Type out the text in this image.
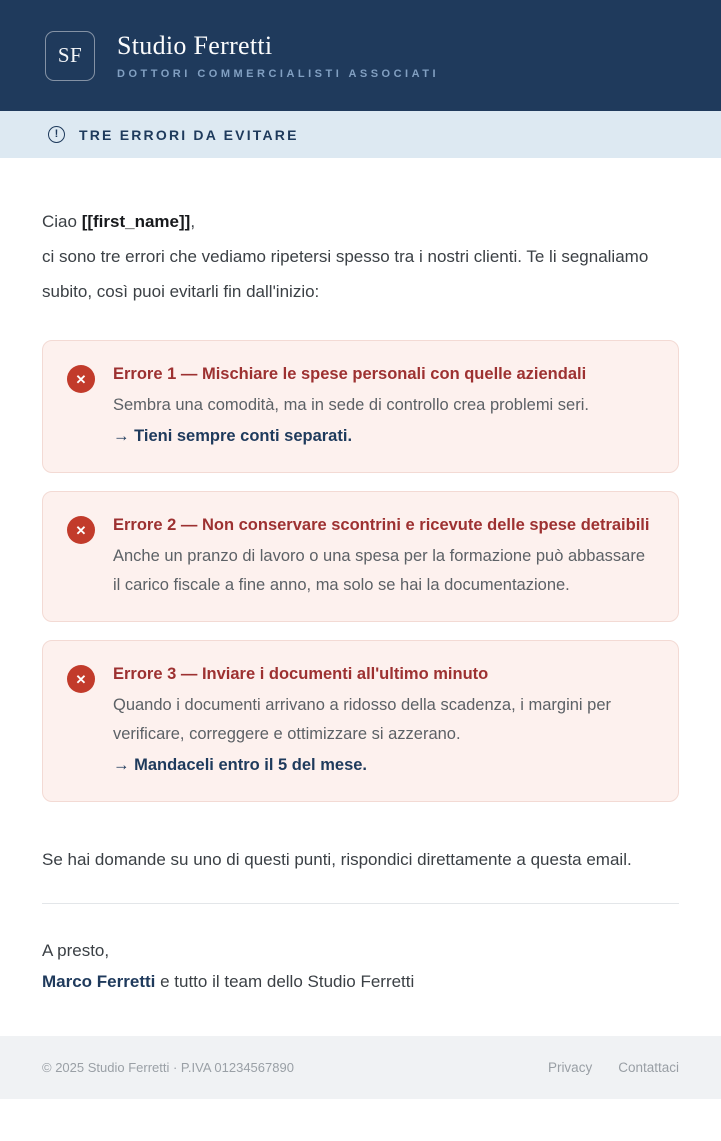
SF Studio Ferretti
DOTTORI COMMERCIALISTI ASSOCIATI
!	TRE ERRORI DA EVITARE

Ciao [[first_name]],
ci sono tre errori che vediamo ripetersi spesso tra i nostri clienti. Te li segnaliamo subito, così puoi evitarli fin dall'inizio:

✕	Errore 1 — Mischiare le spese personali con quelle aziendali
Sembra una comodità, ma in sede di controllo crea problemi seri.
→ Tieni sempre conti separati.
✕	Errore 2 — Non conservare scontrini e ricevute delle spese detraibili
Anche un pranzo di lavoro o una spesa per la formazione può abbassare il carico fiscale a fine anno, ma solo se hai la documentazione.
✕	Errore 3 — Inviare i documenti all'ultimo minuto
Quando i documenti arrivano a ridosso della scadenza, i margini per verificare, correggere e ottimizzare si azzerano.
→ Mandaceli entro il 5 del mese.

Se hai domande su uno di questi punti, rispondici direttamente a questa email.

A presto,
Marco Ferretti e tutto il team dello Studio Ferretti
© 2025 Studio Ferretti · P.IVA 01234567890	Privacy Contattaci
